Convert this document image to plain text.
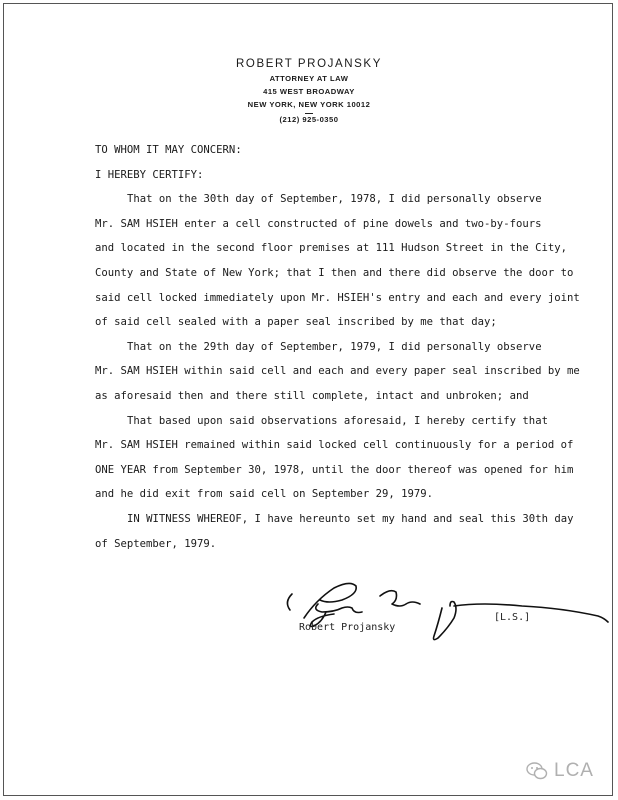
ROBERT PROJANSKY
ATTORNEY AT LAW
415 WEST BROADWAY
NEW YORK, NEW YORK 10012
(212) 925-0350
TO WHOM IT MAY CONCERN:
I HEREBY CERTIFY:
That on the 30th day of September, 1978, I did personally observe
Mr. SAM HSIEH enter a cell constructed of pine dowels and two-by-fours
and located in the second floor premises at 111 Hudson Street in the City,
County and State of New York; that I then and there did observe the door to
said cell locked immediately upon Mr. HSIEH's entry and each and every joint
of said cell sealed with a paper seal inscribed by me that day;
That on the 29th day of September, 1979, I did personally observe
Mr. SAM HSIEH within said cell and each and every paper seal inscribed by me
as aforesaid then and there still complete, intact and unbroken; and
That based upon said observations aforesaid, I hereby certify that
Mr. SAM HSIEH remained within said locked cell continuously for a period of
ONE YEAR from September 30, 1978, until the door thereof was opened for him
and he did exit from said cell on September 29, 1979.
IN WITNESS WHEREOF, I have hereunto set my hand and seal this 30th day
of September, 1979.
Robert Projansky
[L.S.]
LCA
